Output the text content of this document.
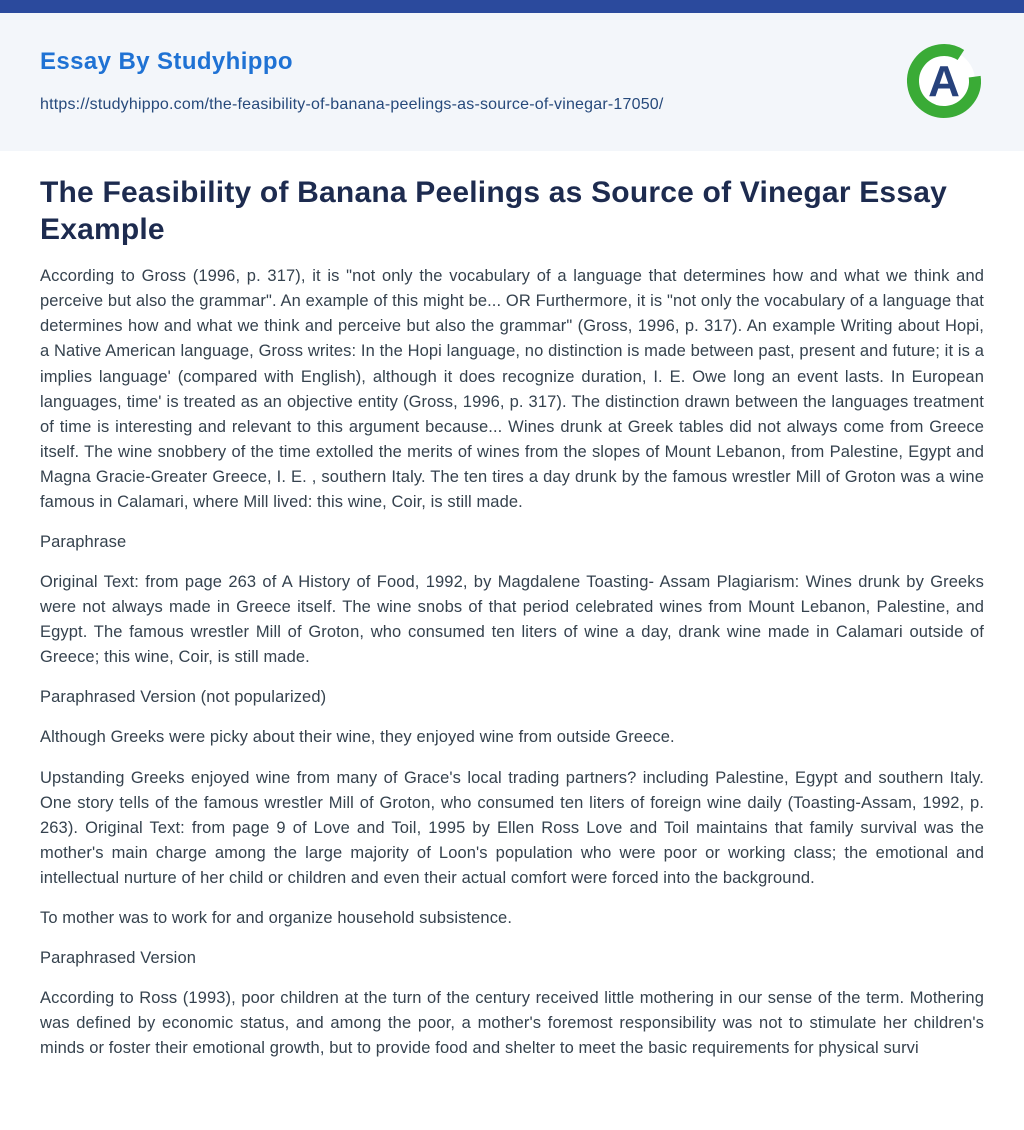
Essay By Studyhippo
https://studyhippo.com/the-feasibility-of-banana-peelings-as-source-of-vinegar-17050/	A
The Feasibility of Banana Peelings as Source of Vinegar Essay Example

According to Gross (1996, p. 317), it is "not only the vocabulary of a language that determines how and what we think and perceive but also the grammar". An example of this might be... OR Furthermore, it is "not only the vocabulary of a language that determines how and what we think and perceive but also the grammar" (Gross, 1996, p. 317). An example Writing about Hopi, a Native American language, Gross writes: In the Hopi language, no distinction is made between past, present and future; it is a implies language' (compared with English), although it does recognize duration, I. E. Owe long an event lasts. In European languages, time' is treated as an objective entity (Gross, 1996, p. 317). The distinction drawn between the languages treatment of time is interesting and relevant to this argument because... Wines drunk at Greek tables did not always come from Greece itself. The wine snobbery of the time extolled the merits of wines from the slopes of Mount Lebanon, from Palestine, Egypt and Magna Gracie-Greater Greece, I. E. , southern Italy. The ten tires a day drunk by the famous wrestler Mill of Groton was a wine famous in Calamari, where Mill lived: this wine, Coir, is still made.

Paraphrase

Original Text: from page 263 of A History of Food, 1992, by Magdalene Toasting- Assam Plagiarism: Wines drunk by Greeks were not always made in Greece itself. The wine snobs of that period celebrated wines from Mount Lebanon, Palestine, and Egypt. The famous wrestler Mill of Groton, who consumed ten liters of wine a day, drank wine made in Calamari outside of Greece; this wine, Coir, is still made.

Paraphrased Version (not popularized)

Although Greeks were picky about their wine, they enjoyed wine from outside Greece.

Upstanding Greeks enjoyed wine from many of Grace's local trading partners? including Palestine, Egypt and southern Italy. One story tells of the famous wrestler Mill of Groton, who consumed ten liters of foreign wine daily (Toasting-Assam, 1992, p. 263). Original Text: from page 9 of Love and Toil, 1995 by Ellen Ross Love and Toil maintains that family survival was the mother's main charge among the large majority of Loon's population who were poor or working class; the emotional and intellectual nurture of her child or children and even their actual comfort were forced into the background.

To mother was to work for and organize household subsistence.

Paraphrased Version

According to Ross (1993), poor children at the turn of the century received little mothering in our sense of the term. Mothering was defined by economic status, and among the poor, a mother's foremost responsibility was not to stimulate her children's minds or foster their emotional growth, but to provide food and shelter to meet the basic requirements for physical survi
